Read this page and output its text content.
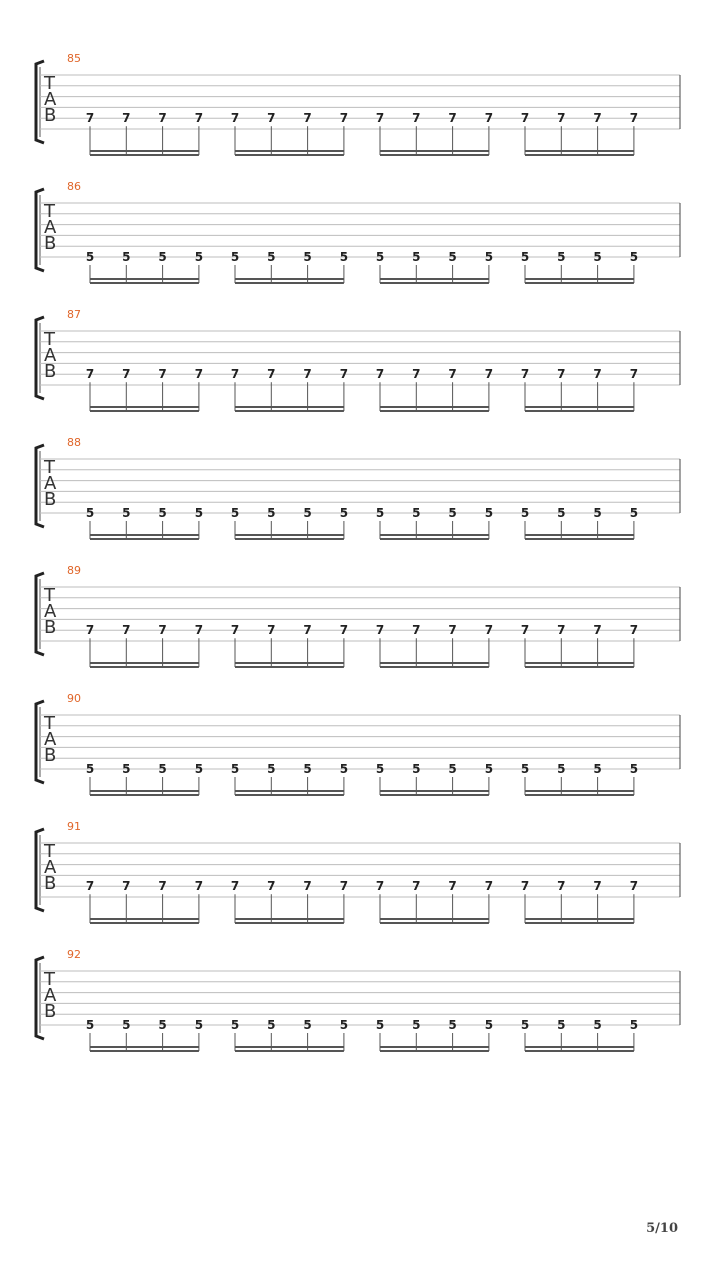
85
T
A
B 7 7 7 7 7 7 7 7 7 7 7 7 7 7 7 7
86
T
A
B
5 5 5 5 5 5 5 5 5 5 5 5 5 5 5 5
87
T
A
B 7 7 7 7 7 7 7 7 7 7 7 7 7 7 7 7
88
T
A
B
5 5 5 5 5 5 5 5 5 5 5 5 5 5 5 5
89
T
A
B 7 7 7 7 7 7 7 7 7 7 7 7 7 7 7 7
90
T
A
B
5 5 5 5 5 5 5 5 5 5 5 5 5 5 5 5
91
T
A
B 7 7 7 7 7 7 7 7 7 7 7 7 7 7 7 7
92
T
A
B
5 5 5 5 5 5 5 5 5 5 5 5 5 5 5 5
5/10
